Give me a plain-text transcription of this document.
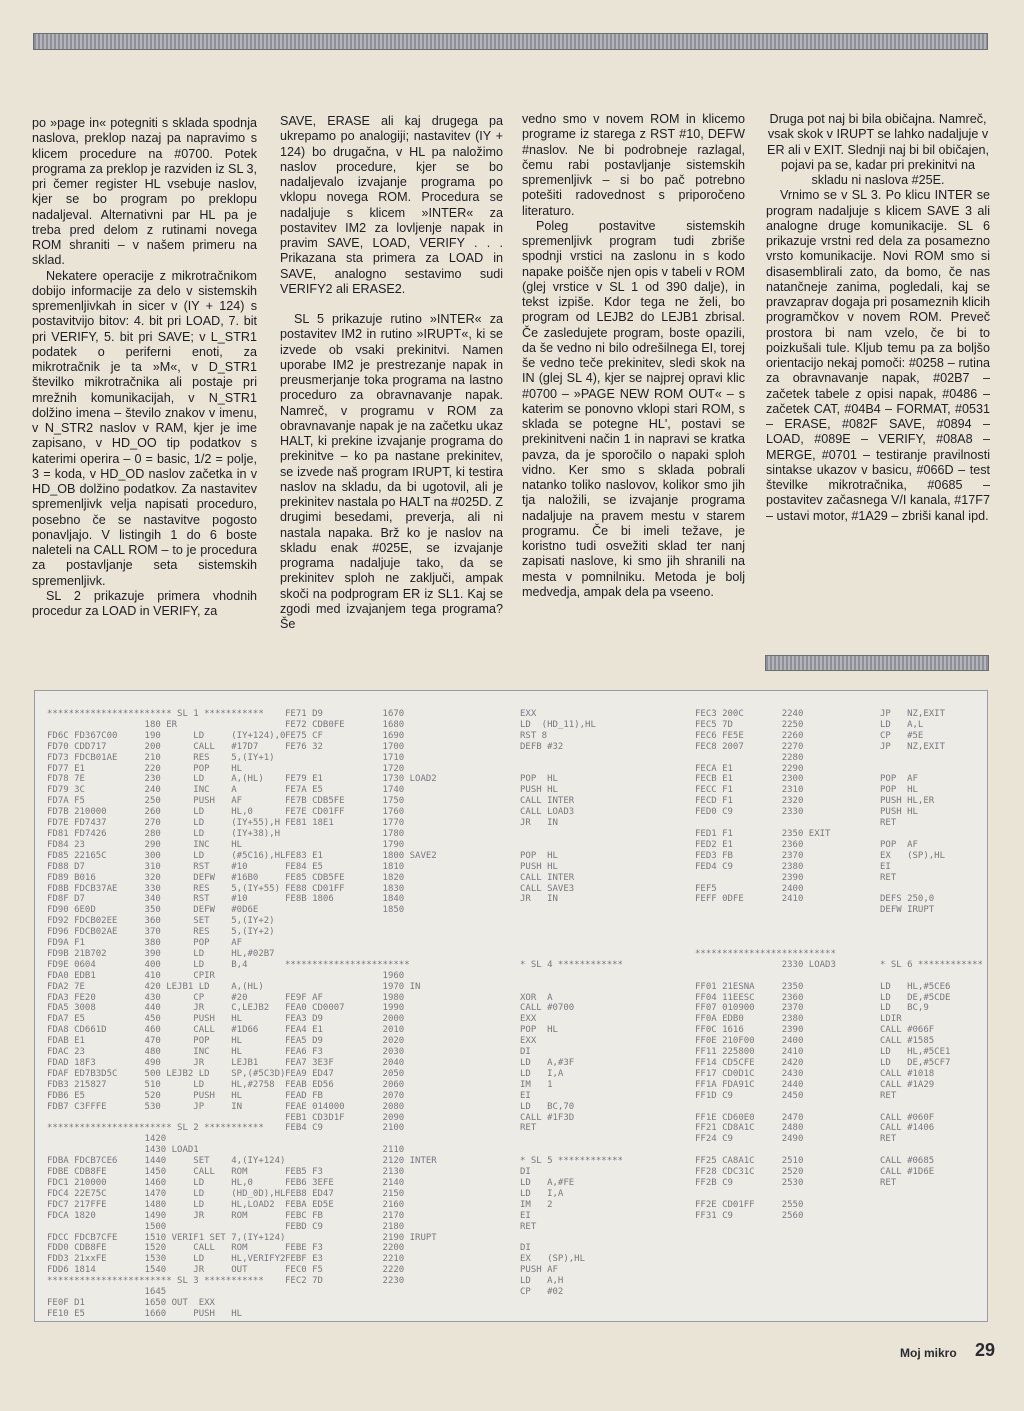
po »page in« potegniti s sklada spodnja naslova, preklop nazaj pa napravimo s klicem procedure na #0700. Potek programa za preklop je razviden iz SL 3, pri čemer register HL vsebuje naslov, kjer se bo program po preklopu nadaljeval. Alternativni par HL pa je treba pred delom z rutinami novega ROM shraniti – v našem primeru na sklad.

Nekatere operacije z mikrotračnikom dobijo informacije za delo v sistemskih spremenljivkah in sicer v (IY + 124) s postavitvijo bitov: 4. bit pri LOAD, 7. bit pri VERIFY, 5. bit pri SAVE; v L_STR1 podatek o periferni enoti, za mikrotračnik je ta »M«, v D_STR1 številko mikrotračnika ali postaje pri mrežnih komunikacijah, v N_STR1 dolžino imena – število znakov v imenu, v N_STR2 naslov v RAM, kjer je ime zapisano, v HD_OO tip podatkov s katerimi operira – 0 = basic, 1/2 = polje, 3 = koda, v HD_OD naslov začetka in v HD_OB dolžino podatkov. Za nastavitev spremenljivk velja napisati proceduro, posebno če se nastavitve pogosto ponavljajo. V listingih 1 do 6 boste naleteli na CALL ROM – to je procedura za postavljanje seta sistemskih spremenljivk.

SL 2 prikazuje primera vhodnih procedur za LOAD in VERIFY, za

SAVE, ERASE ali kaj drugega pa ukrepamo po analogiji; nastavitev (IY + 124) bo drugačna, v HL pa naložimo naslov procedure, kjer se bo nadaljevalo izvajanje programa po vklopu novega ROM. Procedura se nadaljuje s klicem »INTER« za postavitev IM2 za lovljenje napak in pravim SAVE, LOAD, VERIFY . . . Prikazana sta primera za LOAD in SAVE, analogno sestavimo sudi VERIFY2 ali ERASE2.

SL 5 prikazuje rutino »INTER« za postavitev IM2 in rutino »IRUPT«, ki se izvede ob vsaki prekinitvi. Namen uporabe IM2 je prestrezanje napak in preusmerjanje toka programa na lastno proceduro za obravnavanje napak. Namreč, v programu v ROM za obravnavanje napak je na začetku ukaz HALT, ki prekine izvajanje programa do prekinitve – ko pa nastane prekinitev, se izvede naš program IRUPT, ki testira naslov na skladu, da bi ugotovil, ali je prekinitev nastala po HALT na #025D. Z drugimi besedami, preverja, ali ni nastala napaka. Brž ko je naslov na skladu enak #025E, se izvajanje programa nadaljuje tako, da se prekinitev sploh ne zaključi, ampak skoči na podprogram ER iz SL1. Kaj se zgodi med izvajanjem tega programa? Še

vedno smo v novem ROM in klicemo programe iz starega z RST #10, DEFW #naslov. Ne bi podrobneje razlagal, čemu rabi postavljanje sistemskih spremenljivk – si bo pač potrebno potešiti radovednost s priporočeno literaturo.

Poleg postavitve sistemskih spremenljivk program tudi zbriše spodnji vrstici na zaslonu in s kodo napake poišče njen opis v tabeli v ROM (glej vrstice v SL 1 od 390 dalje), in tekst izpiše. Kdor tega ne želi, bo program od LEJB2 do LEJB1 zbrisal. Če zasledujete program, boste opazili, da še vedno ni bilo odrešilnega EI, torej še vedno teče prekinitev, sledi skok na IN (glej SL 4), kjer se najprej opravi klic #0700 – »PAGE NEW ROM OUT« – s katerim se ponovno vklopi stari ROM, s sklada se potegne HL', postavi se prekinitveni način 1 in napravi se kratka pavza, da je sporočilo o napaki sploh vidno. Ker smo s sklada pobrali natanko toliko naslovov, kolikor smo jih tja naložili, se izvajanje programa nadaljuje na pravem mestu v starem programu. Če bi imeli težave, je koristno tudi osvežiti sklad ter nanj zapisati naslove, ki smo jih shranili na mesta v pomnilniku. Metoda je bolj medvedja, ampak dela pa vseeno.

Druga pot naj bi bila običajna. Namreč, vsak skok v IRUPT se lahko nadaljuje v ER ali v EXIT. Slednji naj bi bil običajen, pojavi pa se, kadar pri prekinitvi na skladu ni naslova #25E.

Vrnimo se v SL 3. Po klicu INTER se program nadaljuje s klicem SAVE 3 ali analogne druge komunikacije. SL 6 prikazuje vrstni red dela za posamezno vrsto komunikacije. Novi ROM smo si disasemblirali zato, da bomo, če nas natančneje zanima, pogledali, kaj se pravzaprav dogaja pri posameznih klicih programčkov v novem ROM. Preveč prostora bi nam vzelo, če bi to poizkušali tule. Kljub temu pa za boljšo orientacijo nekaj pomoči: #0258 – rutina za obravnavanje napak, #02B7 – začetek tabele z opisi napak, #0486 – začetek CAT, #04B4 – FORMAT, #0531 – ERASE, #082F SAVE, #0894 – LOAD, #089E – VERIFY, #08A8 – MERGE, #0701 – testiranje pravilnosti sintakse ukazov v basicu, #066D – test številke mikrotračnika, #0685 – postavitev začasnega V/I kanala, #17F7 – ustavi motor, #1A29 – zbriši kanal ipd.

*********************** SL 1 ***********
180 ER
FD6C FD367C00     190      LD     (IY+124),0
FD70 CDD717       200      CALL   #17D7
FD73 FDCB01AE     210      RES    5,(IY+1)
FD77 E1           220      POP    HL
FD78 7E           230      LD     A,(HL)
FD79 3C           240      INC    A
FD7A F5           250      PUSH   AF
FD7B 210000       260      LD     HL,0
FD7E FD7437       270      LD     (IY+55),H
FD81 FD7426       280      LD     (IY+38),H
FD84 23           290      INC    HL
FD85 22165C       300      LD     (#5C16),HL
FD88 D7           310      RST    #10
FD89 B016         320      DEFW   #16B0
FD8B FDCB37AE     330      RES    5,(IY+55)
FD8F D7           340      RST    #10
FD90 6E0D         350      DEFW   #0D6E
FD92 FDCB02EE     360      SET    5,(IY+2)
FD96 FDCB02AE     370      RES    5,(IY+2)
FD9A F1           380      POP    AF
FD9B 21B702       390      LD     HL,#02B7
FD9E 0604         400      LD     B,4
FDA0 EDB1         410      CPIR
FDA2 7E           420 LEJB1 LD    A,(HL)
FDA3 FE20         430      CP     #20
FDA5 3008         440      JR     C,LEJB2
FDA7 E5           450      PUSH   HL
FDA8 CD661D       460      CALL   #1D66
FDAB E1           470      POP    HL
FDAC 23           480      INC    HL
FDAD 18F3         490      JR     LEJB1
FDAF ED7B3D5C     500 LEJB2 LD    SP,(#5C3D)
FDB3 215827       510      LD     HL,#2758
FDB6 E5           520      PUSH   HL
FDB7 C3FFFE       530      JP     IN

*********************** SL 2 ***********
1420
1430 LOAD1
FDBA FDCB7CE6     1440     SET    4,(IY+124)
FDBE CDB8FE       1450     CALL   ROM
FDC1 210000       1460     LD     HL,0
FDC4 22E75C       1470     LD     (HD_0D),HL
FDC7 217FFE       1480     LD     HL,LOAD2
FDCA 1820         1490     JR     ROM
1500
FDCC FDCB7CFE     1510 VERIF1 SET 7,(IY+124)
FDD0 CDB8FE       1520     CALL   ROM
FDD3 21xxFE       1530     LD     HL,VERIFY2
FDD6 1814         1540     JR     OUT
*********************** SL 3 ***********
1645
FE0F D1           1650 OUT  EXX
FE10 E5           1660     PUSH   HL
FE71 D9           1670
FE72 CDB0FE       1680
FE75 CF           1690
FE76 32           1700
1710
1720
FE79 E1           1730 LOAD2
FE7A E5           1740
FE7B CDB5FE       1750
FE7E CD01FF       1760
FE81 18E1         1770
1780
1790
FE83 E1           1800 SAVE2
FE84 E5           1810
FE85 CDB5FE       1820
FE88 CD01FF       1830
FE8B 1806         1840
1850

***********************
1960
1970 IN
FE9F AF           1980
FEA0 CD0007       1990
FEA3 D9           2000
FEA4 E1           2010
FEA5 D9           2020
FEA6 F3           2030
FEA7 3E3F         2040
FEA9 ED47         2050
FEAB ED56         2060
FEAD FB           2070
FEAE 014000       2080
FEB1 CD3D1F       2090
FEB4 C9           2100

2110
2120 INTER
FEB5 F3           2130
FEB6 3EFE         2140
FEB8 ED47         2150
FEBA ED5E         2160
FEBC FB           2170
FEBD C9           2180
2190 IRUPT
FEBE F3           2200
FEBF E3           2210
FEC0 F5           2220
FEC2 7D           2230
EXX
LD  (HD_11),HL
RST 8
DEFB #32

POP  HL
PUSH HL
CALL INTER
CALL LOAD3
JR   IN

POP  HL
PUSH HL
CALL INTER
CALL SAVE3
JR   IN

* SL 4 ************

XOR  A
CALL #0700
EXX
POP  HL
EXX
DI
LD   A,#3F
LD   I,A
IM   1
EI
LD   BC,70
CALL #1F3D
RET

* SL 5 ************
DI
LD   A,#FE
LD   I,A
IM   2
EI
RET

DI
EX   (SP),HL
PUSH AF
LD   A,H
CP   #02
FEC3 200C       2240
FEC5 7D         2250
FEC6 FE5E       2260
FEC8 2007       2270
2280
FECA E1         2290
FECB E1         2300
FECC F1         2310
FECD F1         2320
FED0 C9         2330

FED1 F1         2350 EXIT
FED2 E1         2360
FED3 FB         2370
FED4 C9         2380
2390
FEF5            2400
FEFF 0DFE       2410

**************************
2330 LOAD3

FF01 21ESNA     2350
FF04 11EESC     2360
FF07 010900     2370
FF0A EDB0       2380
FF0C 1616       2390
FF0E 210F00     2400
FF11 225800     2410
FF14 CD5CFE     2420
FF17 CD0D1C     2430
FF1A FDA91C     2440
FF1D C9         2450

FF1E CD60E0     2470
FF21 CD8A1C     2480
FF24 C9         2490

FF25 CA8A1C     2510
FF28 CDC31C     2520
FF2B C9         2530

FF2E CD01FF     2550
FF31 C9         2560
JP   NZ,EXIT
LD   A,L
CP   #5E
JP   NZ,EXIT

POP  AF
POP  HL
PUSH HL,ER
PUSH HL
RET

POP  AF
EX   (SP),HL
EI
RET

DEFS 250,0
DEFW IRUPT

* SL 6 ************

LD   HL,#5CE6
LD   DE,#5CDE
LD   BC,9
LDIR
CALL #066F
CALL #1585
LD   HL,#5CE1
LD   DE,#5CF7
CALL #1018
CALL #1A29
RET

CALL #060F
CALL #1406
RET

CALL #0685
CALL #1D6E
RET
Moj mikro 29
